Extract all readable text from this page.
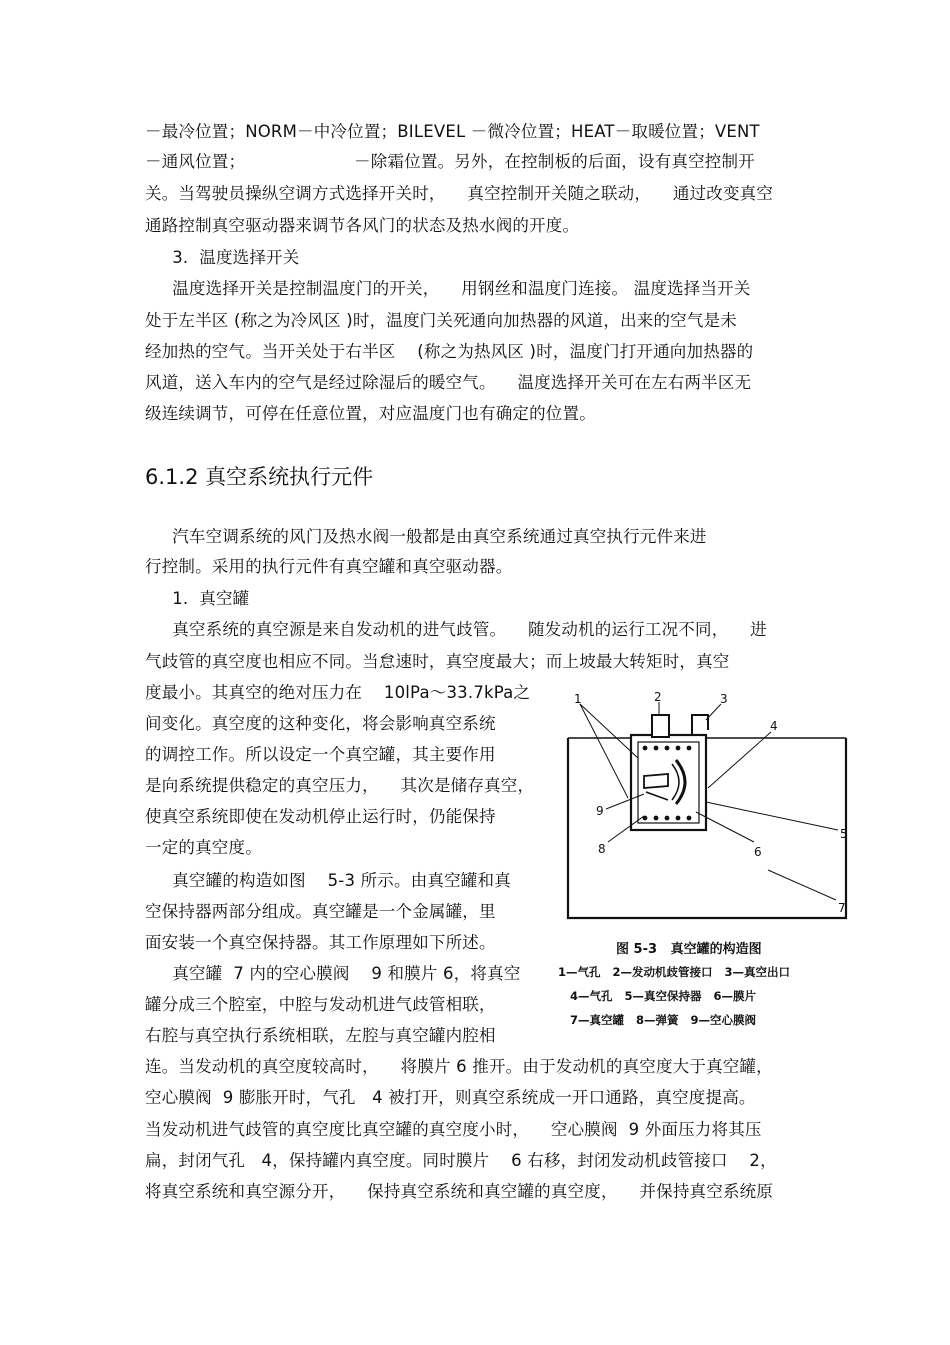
－最冷位置；NORM－中冷位置；BILEVEL －微冷位置；HEAT－取暖位置；VENT
－通风位置；                    －除霜位置。另外，在控制板的后面，设有真空控制开
关。当驾驶员操纵空调方式选择开关时，    真空控制开关随之联动，    通过改变真空
通路控制真空驱动器来调节各风门的状态及热水阀的开度。
3.  温度选择开关
温度选择开关是控制温度门的开关，    用钢丝和温度门连接。 温度选择当开关
处于左半区 (称之为冷风区 )时，温度门关死通向加热器的风道，出来的空气是未
经加热的空气。当开关处于右半区    (称之为热风区 )时，温度门打开通向加热器的
风道，送入车内的空气是经过除湿后的暖空气。    温度选择开关可在左右两半区无
级连续调节，可停在任意位置，对应温度门也有确定的位置。
6.1.2 真空系统执行元件
汽车空调系统的风门及热水阀一般都是由真空系统通过真空执行元件来进
行控制。采用的执行元件有真空罐和真空驱动器。
1.  真空罐
真空系统的真空源是来自发动机的进气歧管。    随发动机的运行工况不同，    进
气歧管的真空度也相应不同。当怠速时，真空度最大；而上坡最大转矩时，真空
度最小。其真空的绝对压力在    10lPa～33.7kPa之
间变化。真空度的这种变化，将会影响真空系统
的调控工作。所以设定一个真空罐，其主要作用
是向系统提供稳定的真空压力，    其次是储存真空，
使真空系统即使在发动机停止运行时，仍能保持
一定的真空度。
真空罐的构造如图    5-3 所示。由真空罐和真
空保持器两部分组成。真空罐是一个金属罐，里
面安装一个真空保持器。其工作原理如下所述。
真空罐  7 内的空心膜阀    9 和膜片 6，将真空
罐分成三个腔室，中腔与发动机进气歧管相联，
右腔与真空执行系统相联，左腔与真空罐内腔相
连。当发动机的真空度较高时，    将膜片 6 推开。由于发动机的真空度大于真空罐，
空心膜阀  9 膨胀开时，气孔   4 被打开，则真空系统成一开口通路，真空度提高。
当发动机进气歧管的真空度比真空罐的真空度小时，    空心膜阀  9 外面压力将其压
扁，封闭气孔   4，保持罐内真空度。同时膜片    6 右移，封闭发动机歧管接口    2，
将真空系统和真空源分开，    保持真空系统和真空罐的真空度，    并保持真空系统原
1	2	3
4
5
6
7
8
9
图 5-3   真空罐的构造图
1—气孔   2—发动机歧管接口   3—真空出口
4—气孔   5—真空保持器   6—膜片
7—真空罐   8—弹簧   9—空心膜阀
